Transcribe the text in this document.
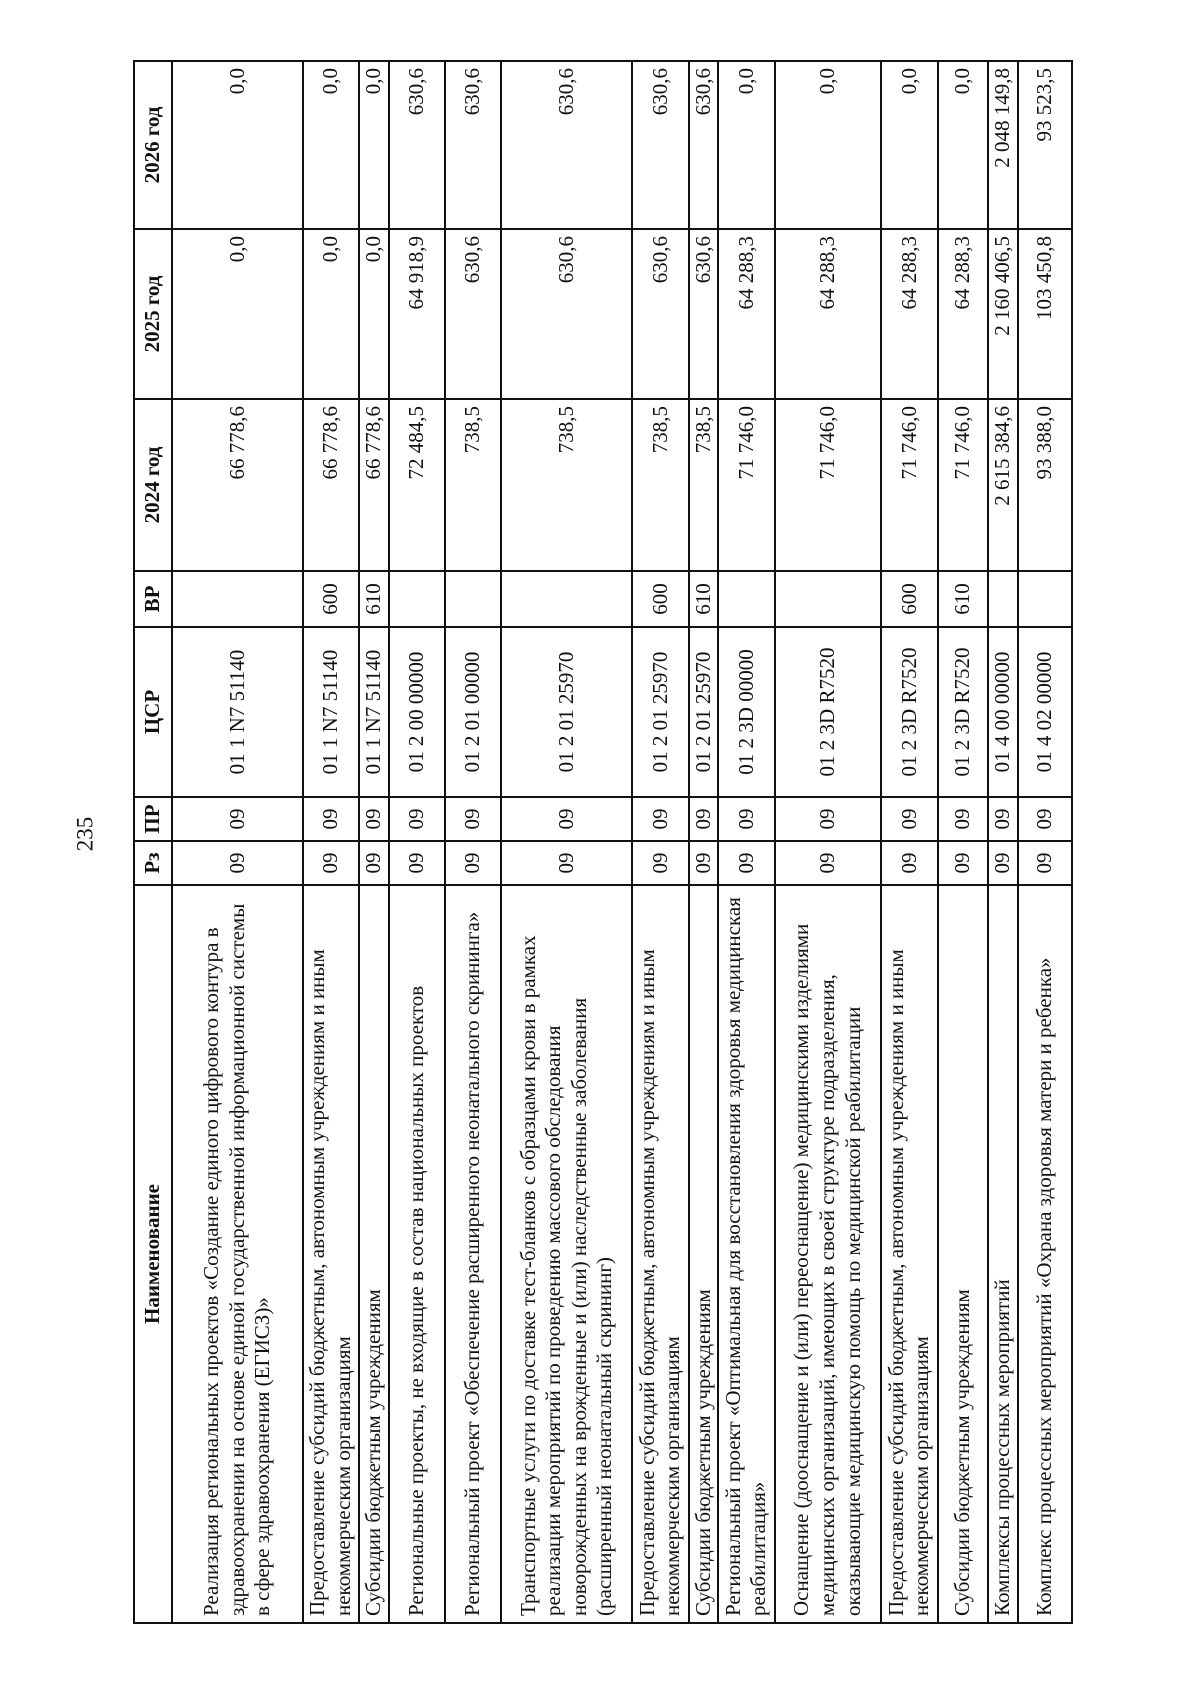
235
Наименование	Рз	ПР	ЦСР	ВР	2024 год	2025 год	2026 год
Реализация региональных проектов «Создание единого цифрового контура в здравоохранении на основе единой государственной информационной системы в сфере здравоохранения (ЕГИСЗ)»	09	09	01 1 N7 51140		66 778,6	0,0	0,0
Предоставление субсидий бюджетным, автономным учреждениям и иным некоммерческим организациям	09	09	01 1 N7 51140	600	66 778,6	0,0	0,0
Субсидии бюджетным учреждениям	09	09	01 1 N7 51140	610	66 778,6	0,0	0,0
Региональные проекты, не входящие в состав национальных проектов	09	09	01 2 00 00000		72 484,5	64 918,9	630,6
Региональный проект «Обеспечение расширенного неонатального скрининга»	09	09	01 2 01 00000		738,5	630,6	630,6
Транспортные услуги по доставке тест-бланков с образцами крови в рамках реализации мероприятий по проведению массового обследования новорожденных на врожденные и (или) наследственные заболевания (расширенный неонатальный скрининг)	09	09	01 2 01 25970		738,5	630,6	630,6
Предоставление субсидий бюджетным, автономным учреждениям и иным некоммерческим организациям	09	09	01 2 01 25970	600	738,5	630,6	630,6
Субсидии бюджетным учреждениям	09	09	01 2 01 25970	610	738,5	630,6	630,6
Региональный проект «Оптимальная для восстановления здоровья медицинская реабилитация»	09	09	01 2 3D 00000		71 746,0	64 288,3	0,0
Оснащение (дооснащение и (или) переоснащение) медицинскими изделиями медицинских организаций, имеющих в своей структуре подразделения, оказывающие медицинскую помощь по медицинской реабилитации	09	09	01 2 3D R7520		71 746,0	64 288,3	0,0
Предоставление субсидий бюджетным, автономным учреждениям и иным некоммерческим организациям	09	09	01 2 3D R7520	600	71 746,0	64 288,3	0,0
Субсидии бюджетным учреждениям	09	09	01 2 3D R7520	610	71 746,0	64 288,3	0,0
Комплексы процессных мероприятий	09	09	01 4 00 00000		2 615 384,6	2 160 406,5	2 048 149,8
Комплекс процессных мероприятий «Охрана здоровья матери и ребенка»	09	09	01 4 02 00000		93 388,0	103 450,8	93 523,5
